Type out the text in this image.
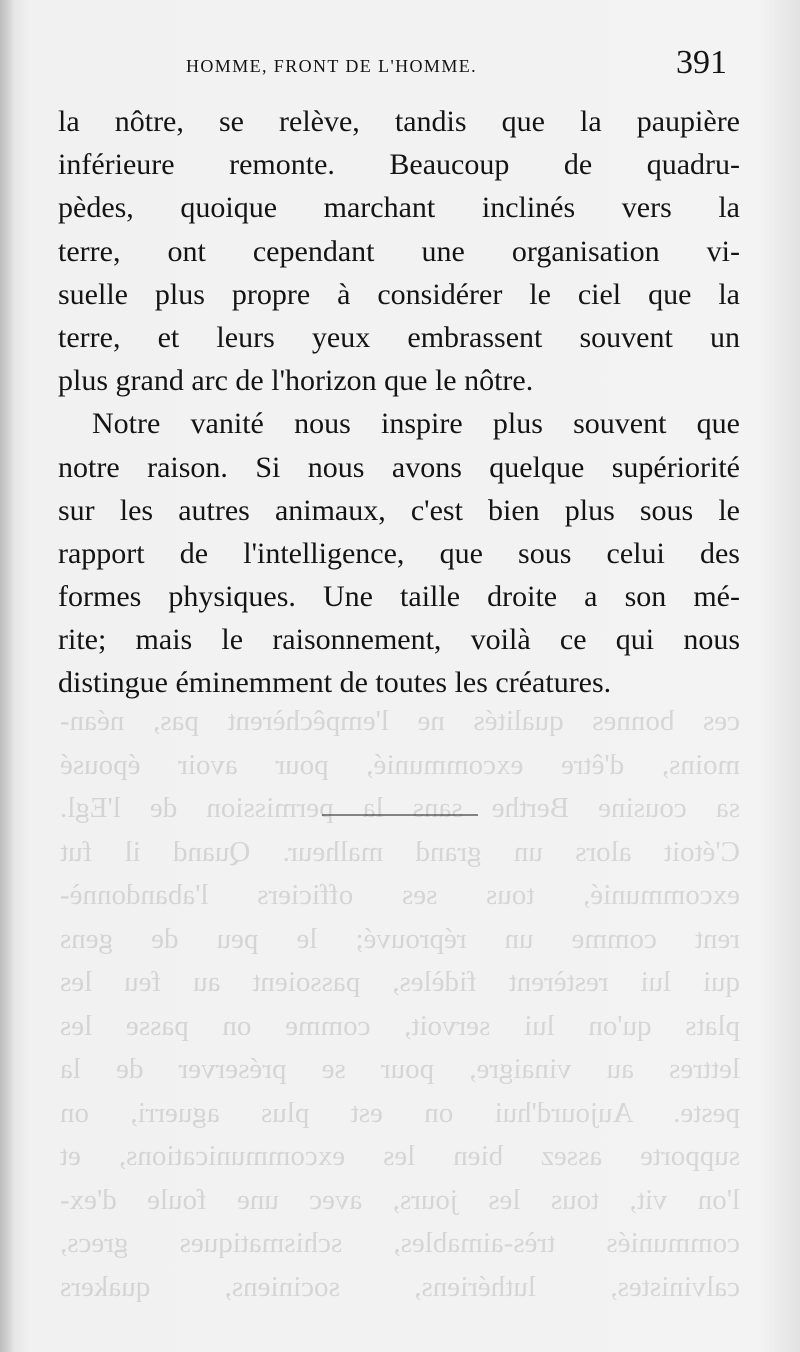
ces bonnes qualités ne l'empêchèrent pas, néan-
moins, d'être excommunié, pour avoir épousé
sa cousine Berthe sans la permission de l'Egl.
C'étoit alors un grand malheur. Quand il fut
excommunié, tous ses officiers l'abandonnè-
rent comme un réprouvé; le peu de gens
qui lui restèrent fidèles, passoient au feu les
plats qu'on lui servoit, comme on passe les
lettres au vinaigre, pour se préserver de la
peste. Aujourd'hui on est plus aguerri, on
supporte assez bien les excommunications, et
l'on vit, tous les jours, avec une foule d'ex-
communiés très-aimables, schismatiques grecs,
calvinistes, luthériens, sociniens, quakers
HOMME, FRONT DE L'HOMME.	391
la nôtre, se relève, tandis que la paupière
inférieure remonte. Beaucoup de quadru-
pèdes, quoique marchant inclinés vers la
terre, ont cependant une organisation vi-
suelle plus propre à considérer le ciel que la
terre, et leurs yeux embrassent souvent un
plus grand arc de l'horizon que le nôtre.
Notre vanité nous inspire plus souvent que
notre raison. Si nous avons quelque supériorité
sur les autres animaux, c'est bien plus sous le
rapport de l'intelligence, que sous celui des
formes physiques. Une taille droite a son mé-
rite; mais le raisonnement, voilà ce qui nous
distingue éminemment de toutes les créatures.
